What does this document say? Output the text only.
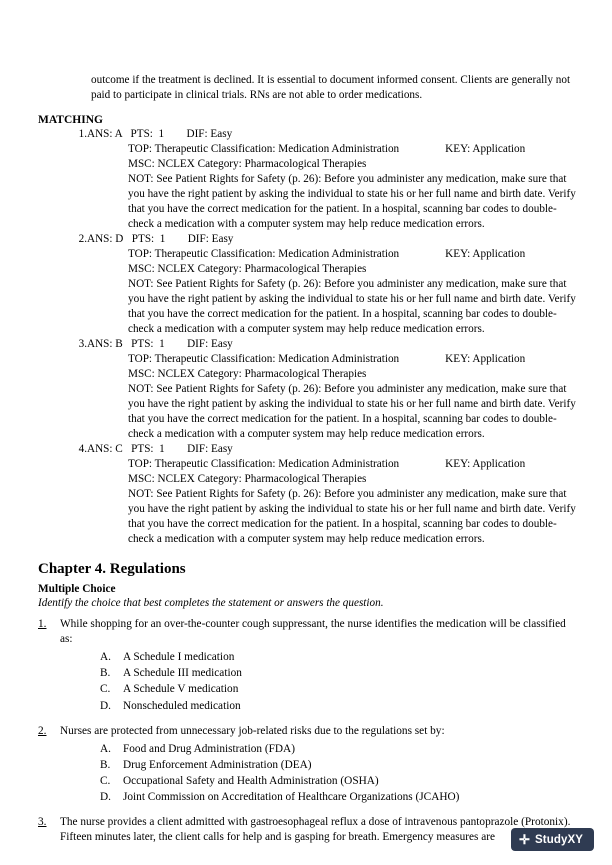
outcome if the treatment is declined. It is essential to document informed consent. Clients are generally not paid to participate in clinical trials. RNs are not able to order medications.

MATCHING
1.ANS: A PTS:  1 DIF: Easy
TOP: Therapeutic Classification: Medication Administration	KEY: Application
MSC: NCLEX Category: Pharmacological Therapies
NOT: See Patient Rights for Safety (p. 26): Before you administer any medication, make sure that you have the right patient by asking the individual to state his or her full name and birth date. Verify that you have the correct medication for the patient. In a hospital, scanning bar codes to double-check a medication with a computer system may help reduce medication errors.
2.ANS: D PTS:  1 DIF: Easy
TOP: Therapeutic Classification: Medication Administration	KEY: Application
MSC: NCLEX Category: Pharmacological Therapies
NOT: See Patient Rights for Safety (p. 26): Before you administer any medication, make sure that you have the right patient by asking the individual to state his or her full name and birth date. Verify that you have the correct medication for the patient. In a hospital, scanning bar codes to double-check a medication with a computer system may help reduce medication errors.
3.ANS: B PTS:  1 DIF: Easy
TOP: Therapeutic Classification: Medication Administration	KEY: Application
MSC: NCLEX Category: Pharmacological Therapies
NOT: See Patient Rights for Safety (p. 26): Before you administer any medication, make sure that you have the right patient by asking the individual to state his or her full name and birth date. Verify that you have the correct medication for the patient. In a hospital, scanning bar codes to double-check a medication with a computer system may help reduce medication errors.
4.ANS: C PTS:  1 DIF: Easy
TOP: Therapeutic Classification: Medication Administration	KEY: Application
MSC: NCLEX Category: Pharmacological Therapies
NOT: See Patient Rights for Safety (p. 26): Before you administer any medication, make sure that you have the right patient by asking the individual to state his or her full name and birth date. Verify that you have the correct medication for the patient. In a hospital, scanning bar codes to double-check a medication with a computer system may help reduce medication errors.
Chapter 4. Regulations
Multiple Choice
Identify the choice that best completes the statement or answers the question.
1. While shopping for an over-the-counter cough suppressant, the nurse identifies the medication will be classified as:
A. A Schedule I medication
B. A Schedule III medication
C. A Schedule V medication
D. Nonscheduled medication
2. Nurses are protected from unnecessary job-related risks due to the regulations set by:
A. Food and Drug Administration (FDA)
B. Drug Enforcement Administration (DEA)
C. Occupational Safety and Health Administration (OSHA)
D. Joint Commission on Accreditation of Healthcare Organizations (JCAHO)
3. The nurse provides a client admitted with gastroesophageal reflux a dose of intravenous pantoprazole (Protonix). Fifteen minutes later, the client calls for help and is gasping for breath. Emergency measures are	✛ StudyXY
